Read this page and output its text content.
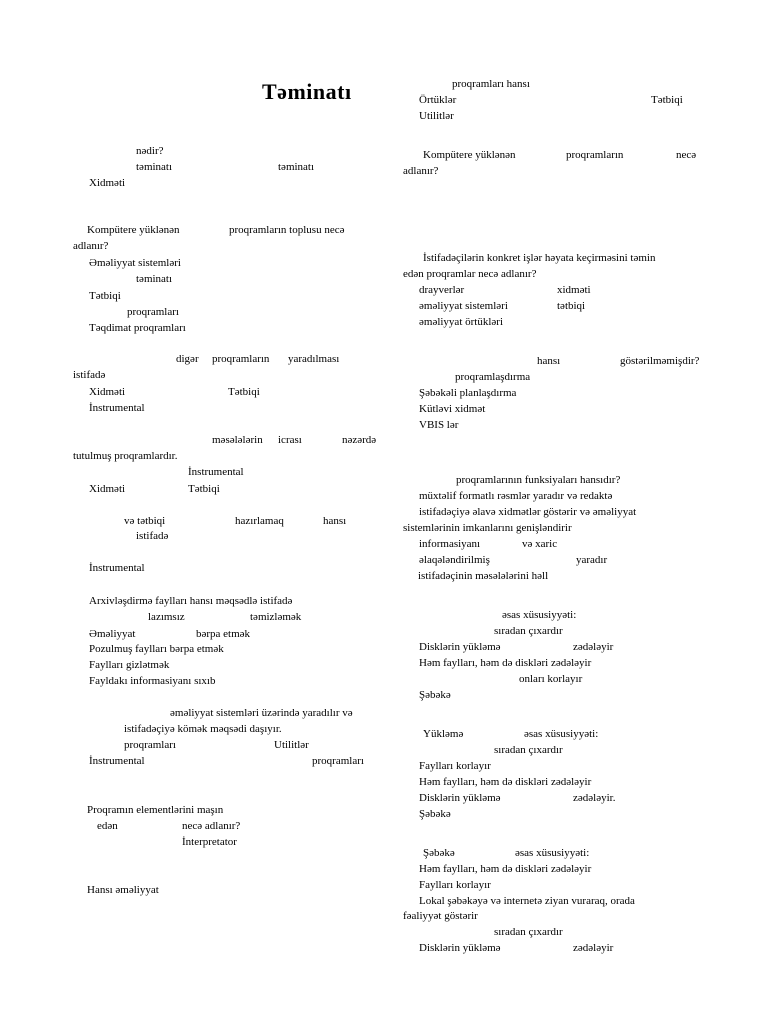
Təminatı
nədir?
təminatı	təminatı
Xidməti
Kompütere yüklənən	proqramların toplusu necə
adlanır?
Əməliyyat sistemləri
təminatı
Tətbiqi
proqramları
Təqdimat proqramları
digər proqramların yaradılması
istifadə
Xidməti	Tətbiqi
İnstrumental
məsələlərin icrası	nəzərdə
tutulmuş proqramlardır.
İnstrumental
Xidməti	Tətbiqi
və tətbiqi	hazırlamaq	hansı
istifadə
İnstrumental
Arxivləşdirmə faylları hansı məqsədlə istifadə
lazımsız	təmizləmək
Əməliyyat	bərpa etmək
Pozulmuş faylları bərpa etmək
Faylları gizlətmək
Fayldakı informasiyanı sıxıb
əməliyyat sistemləri üzərində yaradılır və
istifadəçiyə kömək məqsədi daşıyır.
proqramları	Utilitlər
İnstrumental	proqramları
Proqramın elementlərini maşın
edən	necə adlanır?
İnterpretator
Hansı əməliyyat
proqramları hansı
Örtüklər	Tətbiqi
Utilitlər
Kompütere yüklənən	proqramların	necə
adlanır?
İstifadəçilərin konkret işlər həyata keçirməsini təmin
edən proqramlar necə adlanır?
drayverlər	xidməti
əməliyyat sistemləri	tətbiqi
əməliyyat örtükləri
hansı	göstərilməmişdir?
proqramlaşdırma
Şəbəkəli planlaşdırma
Kütləvi xidmət
VBIS lər
proqramlarının funksiyaları hansıdır?
müxtəlif formatlı rəsmlər yaradır və redaktə
istifadəçiyə əlavə xidmətlər göstərir və əməliyyat
sistemlərinin imkanlarını genişləndirir
informasiyanı	və xaric
əlaqələndirilmiş	yaradır
istifadəçinin məsələlərini həll
əsas xüsusiyyəti:
sıradan çıxardır
Disklərin yükləmə	zədələyir
Həm faylları, həm də diskləri zədələyir
onları korlayır
Şəbəkə
Yükləmə	əsas xüsusiyyəti:
sıradan çıxardır
Faylları korlayır
Həm faylları, həm də diskləri zədələyir
Disklərin yükləmə	zədələyir.
Şəbəkə
Şəbəkə	əsas xüsusiyyəti:
Həm faylları, həm də diskləri zədələyir
Faylları korlayır
Lokal şəbəkəyə və internetə ziyan vuraraq, orada
fəaliyyət göstərir
sıradan çıxardır
Disklərin yükləmə	zədələyir
